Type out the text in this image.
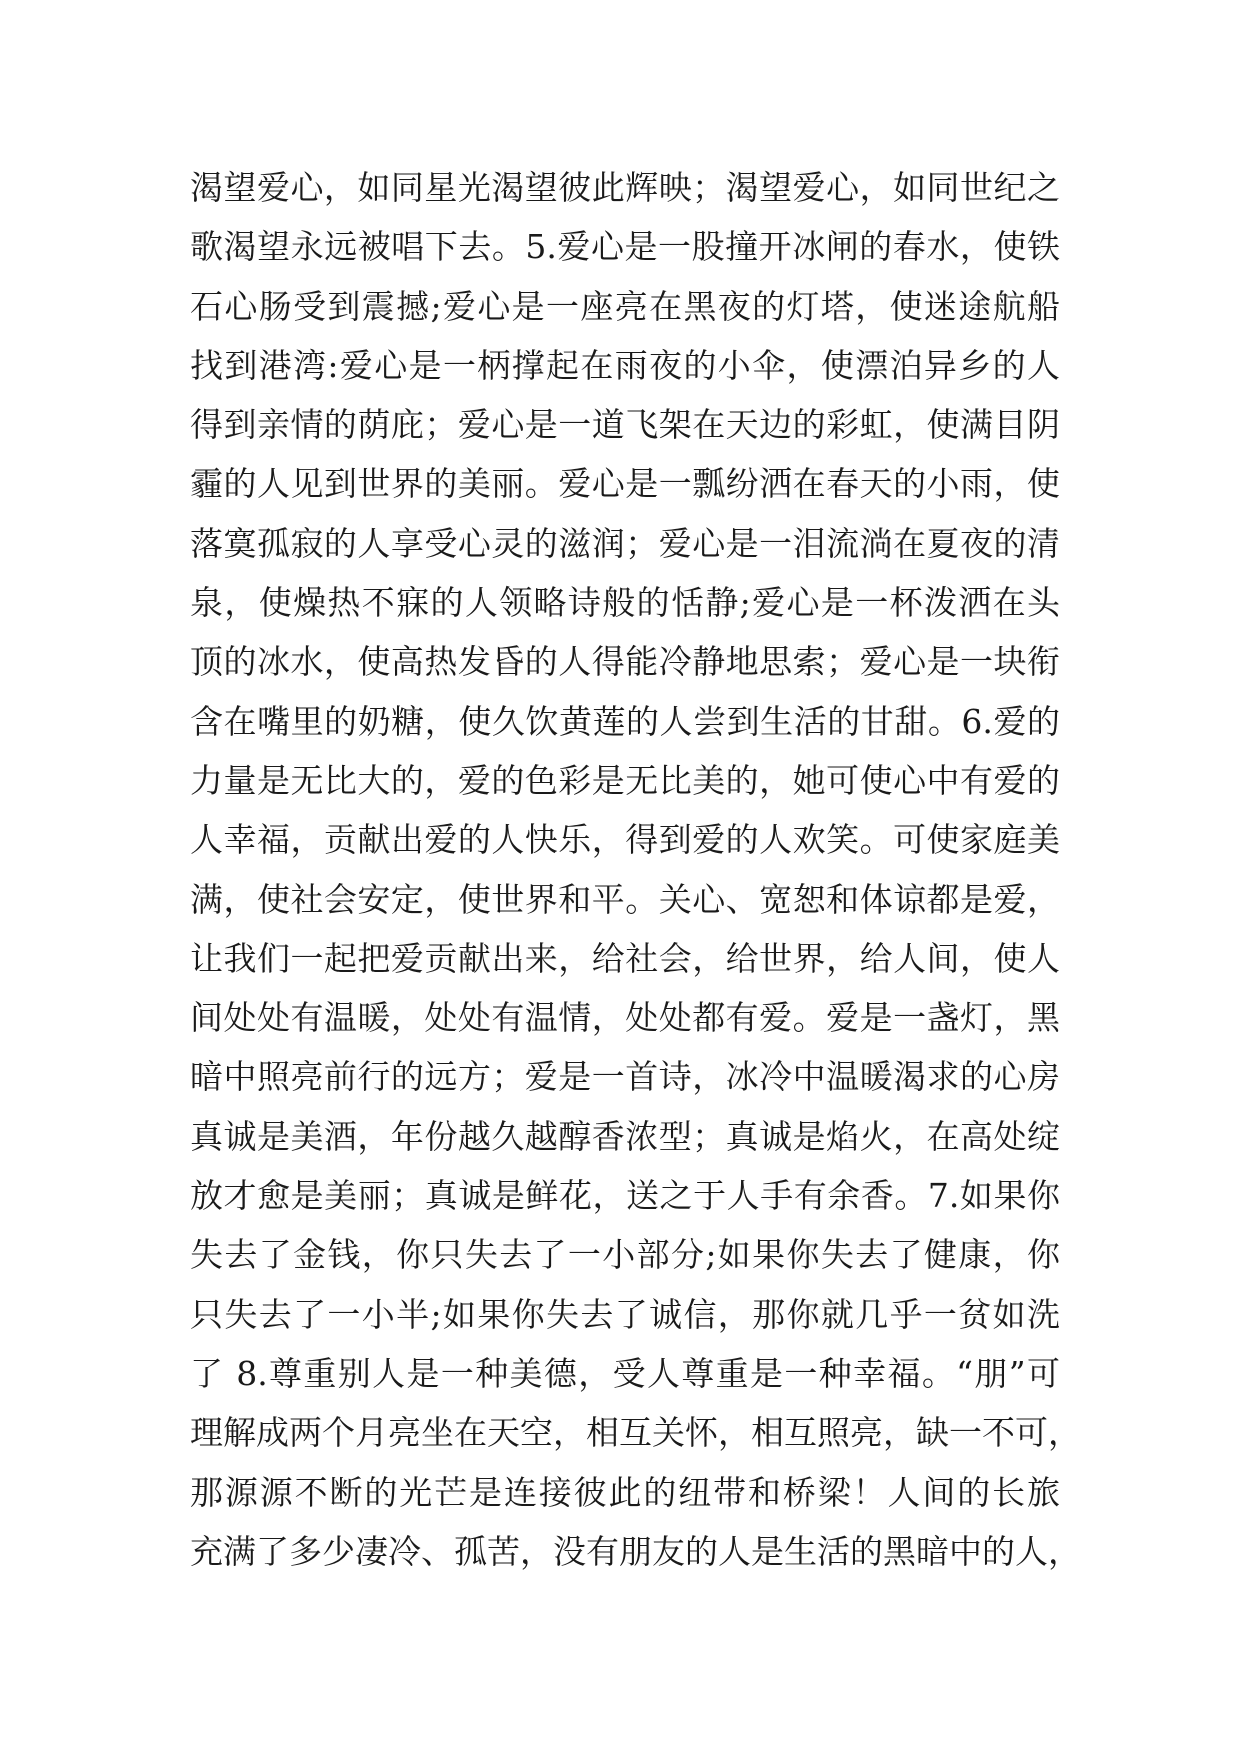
渴望爱心，如同星光渴望彼此辉映；渴望爱心，如同世纪之
歌渴望永远被唱下去。5.爱心是一股撞开冰闸的春水，使铁
石心肠受到震撼;爱心是一座亮在黑夜的灯塔，使迷途航船
找到港湾:爱心是一柄撑起在雨夜的小伞，使漂泊异乡的人
得到亲情的荫庇；爱心是一道飞架在天边的彩虹，使满目阴
霾的人见到世界的美丽。爱心是一瓢纷洒在春天的小雨，使
落寞孤寂的人享受心灵的滋润；爱心是一泪流淌在夏夜的清
泉，使燥热不寐的人领略诗般的恬静;爱心是一杯泼洒在头
顶的冰水，使高热发昏的人得能冷静地思索；爱心是一块衔
含在嘴里的奶糖，使久饮黄莲的人尝到生活的甘甜。6.爱的
力量是无比大的，爱的色彩是无比美的，她可使心中有爱的
人幸福，贡献出爱的人快乐，得到爱的人欢笑。可使家庭美
满，使社会安定，使世界和平。关心、宽恕和体谅都是爱，
让我们一起把爱贡献出来，给社会，给世界，给人间，使人
间处处有温暖，处处有温情，处处都有爱。爱是一盏灯，黑
暗中照亮前行的远方；爱是一首诗，冰冷中温暖渴求的心房
真诚是美酒，年份越久越醇香浓型；真诚是焰火，在高处绽
放才愈是美丽；真诚是鲜花，送之于人手有余香。7.如果你
失去了金钱，你只失去了一小部分;如果你失去了健康，你
只失去了一小半;如果你失去了诚信，那你就几乎一贫如洗
了 8.尊重别人是一种美德，受人尊重是一种幸福。“朋”可
理解成两个月亮坐在天空，相互关怀，相互照亮，缺一不可，
那源源不断的光芒是连接彼此的纽带和桥梁！人间的长旅
充满了多少凄冷、孤苦，没有朋友的人是生活的黑暗中的人，
